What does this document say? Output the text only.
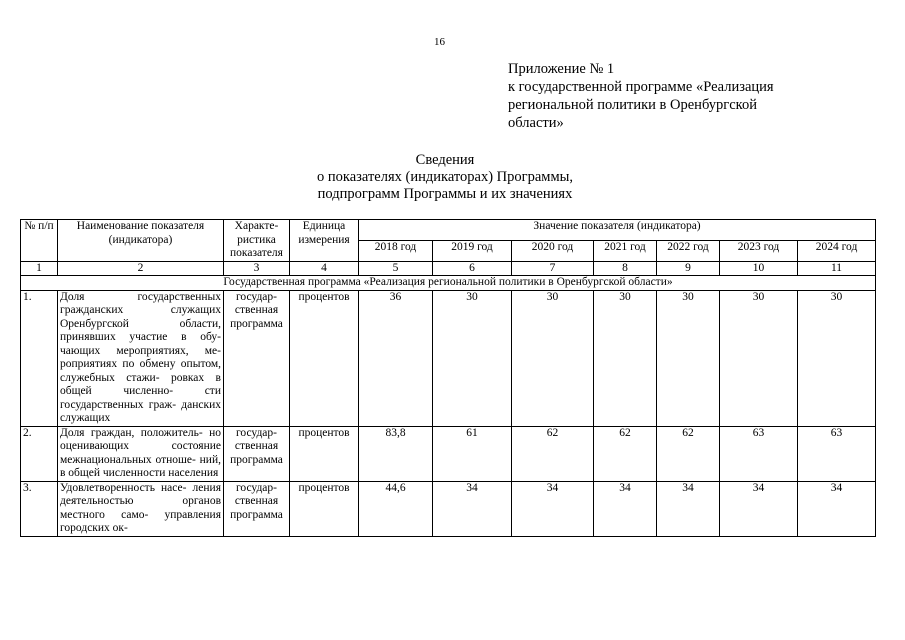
16
Приложение № 1
к государственной программе «Реализация
региональной политики в Оренбургской
области»
Сведения
о показателях (индикаторах) Программы,
подпрограмм Программы и их значениях
№ п/п	Наименование показателя (индикатора)	Характе- ристика показателя	Единица измерения	Значение показателя (индикатора)						
				2018 год	2019 год	2020 год	2021 год	2022 год	2023 год	2024 год
1	2	3	4	5	6	7	8	9	10	11
Государственная программа «Реализация региональной политики в Оренбургской области»										
1.	Доля государственных гражданских служащих Оренбургской области, принявших участие в обу- чающих мероприятиях, ме- роприятиях по обмену опытом, служебных стажи- ровках в общей численно- сти государственных граж- данских служащих	государ- ственная программа	процентов	36	30	30	30	30	30	30
2.	Доля граждан, положитель- но оценивающих состояние межнациональных отноше- ний, в общей численности населения	государ- ственная программа	процентов	83,8	61	62	62	62	63	63
3.	Удовлетворенность насе- ления деятельностью органов местного само- управления городских ок-	государ- ственная программа	процентов	44,6	34	34	34	34	34	34
